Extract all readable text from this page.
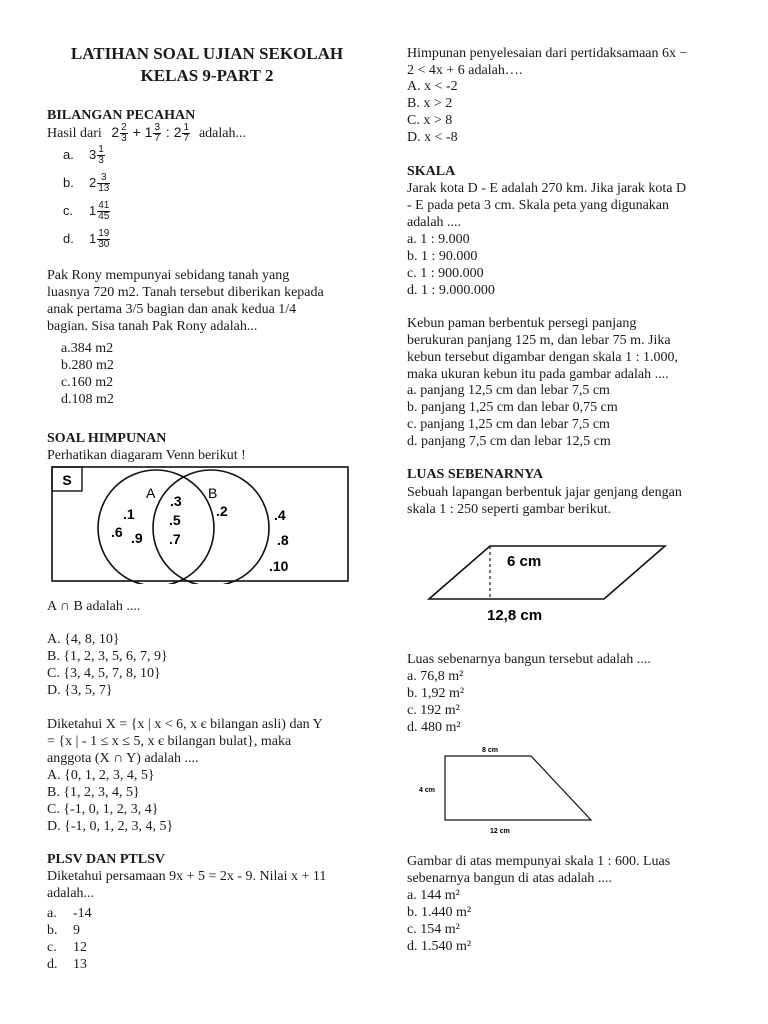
LATIHAN SOAL UJIAN SEKOLAH
KELAS 9-PART 2
BILANGAN PECAHAN
Hasil dari $2 \frac{2}{3} + 1 \frac{3}{7}$ : $2 \frac{1}{7}$ adalah...
a. $3 \frac{1}{3}$
b. $2 \frac{3}{13}$
c. $1 \frac{41}{45}$
d. $1 \frac{19}{30}$
Pak Rony mempunyai sebidang tanah yang
luasnya 720 m2. Tanah tersebut diberikan kepada
anak pertama 3/5 bagian dan anak kedua 1/4
bagian. Sisa tanah Pak Rony adalah...
a.384 m2
b.280 m2
c.160 m2
d.108 m2
SOAL HIMPUNAN
Perhatikan diagaram Venn berikut !
S
A	B
.1
.6 .9
.3
.5
.7
.2	.4
.8
.10
A ∩ B adalah ....
A. {4, 8, 10}
B. {1, 2, 3, 5, 6, 7, 9}
C. {3, 4, 5, 7, 8, 10}
D. {3, 5, 7}
Diketahui X = {x | x < 6, x є bilangan asli) dan Y
= {x | - 1 ≤ x ≤ 5, x є bilangan bulat}, maka
anggota (X ∩ Y) adalah ....
A. {0, 1, 2, 3, 4, 5}
B. {1, 2, 3, 4, 5}
C. {-1, 0, 1, 2, 3, 4}
D. {-1, 0, 1, 2, 3, 4, 5}
PLSV DAN PTLSV
Diketahui persamaan 9x + 5 = 2x - 9. Nilai x + 11
adalah...
a. -14
b. 9
c. 12
d. 13
Himpunan penyelesaian dari pertidaksamaan 6x −
2 < 4x + 6 adalah….
A. x < -2
B. x > 2
C. x > 8
D. x < -8
SKALA
Jarak kota D - E adalah 270 km. Jika jarak kota D
- E pada peta 3 cm. Skala peta yang digunakan
adalah ....
a. 1 : 9.000
b. 1 : 90.000
c. 1 : 900.000
d. 1 : 9.000.000
Kebun paman berbentuk persegi panjang
berukuran panjang 125 m, dan lebar 75 m. Jika
kebun tersebut digambar dengan skala 1 : 1.000,
maka ukuran kebun itu pada gambar adalah ....
a. panjang 12,5 cm dan lebar 7,5 cm
b. panjang 1,25 cm dan lebar 0,75 cm
c. panjang 1,25 cm dan lebar 7,5 cm
d. panjang 7,5 cm dan lebar 12,5 cm
LUAS SEBENARNYA
Sebuah lapangan berbentuk jajar genjang dengan
skala 1 : 250 seperti gambar berikut.
6 cm
12,8 cm
Luas sebenarnya bangun tersebut adalah ....
a. 76,8 m²
b. 1,92 m²
c. 192 m²
d. 480 m²
8 cm
4 cm
12 cm
Gambar di atas mempunyai skala 1 : 600. Luas
sebenarnya bangun di atas adalah ....
a. 144 m²
b. 1.440 m²
c. 154 m²
d. 1.540 m²
